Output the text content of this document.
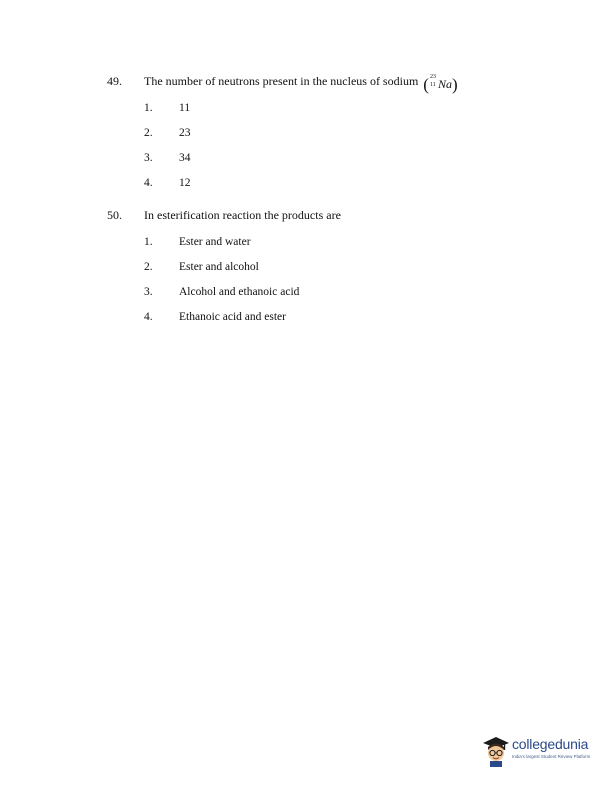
49. The number of neutrons present in the nucleus of sodium ( 23
11 Na)
1. 11
2. 23
3. 34
4. 12
50. In esterification reaction the products are
1. Ester and water
2. Ester and alcohol
3. Alcohol and ethanoic acid
4. Ethanoic acid and ester
collegedunia
India's largest Student Review Platform
